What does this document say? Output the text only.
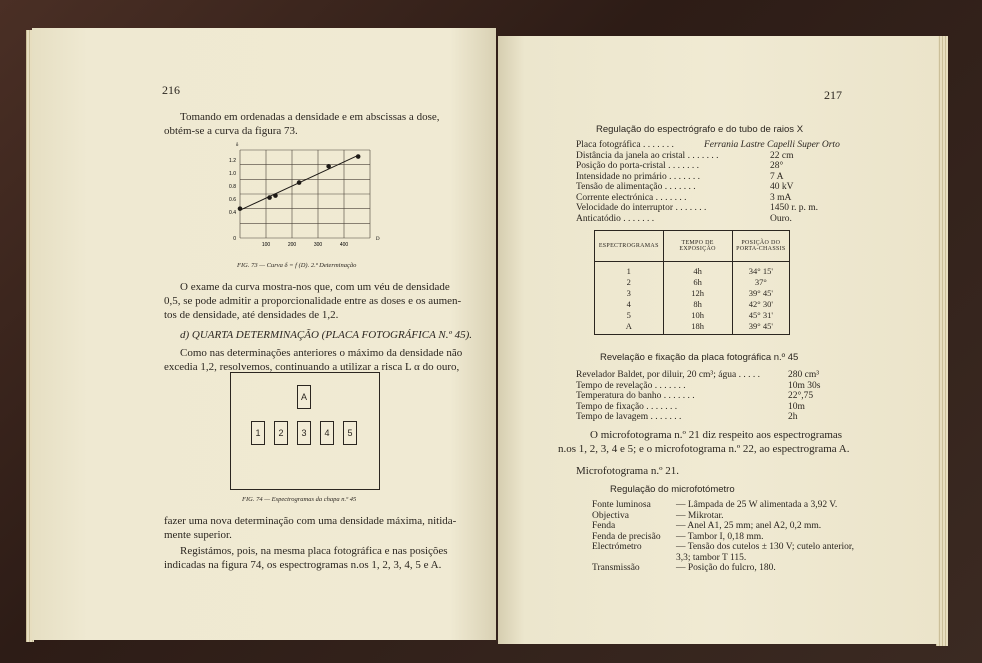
216
Tomando em ordenadas a densidade e em abscissas a dose,
obtém-se a curva da figura 73.
0
0.4
0.6
0.8
1.0
1.2
100	200	300	400
D
δ
FIG. 73 — Curva δ = f (D). 2.ª Determinação
O exame da curva mostra-nos que, com um véu de densidade
0,5, se pode admitir a proporcionalidade entre as doses e os aumen-
tos de densidade, até densidades de 1,2.
d) QUARTA DETERMINAÇÃO (PLACA FOTOGRÁFICA N.º 45).
Como nas determinações anteriores o máximo da densidade não
excedia 1,2, resolvemos, continuando a utilizar a risca L α do ouro,
A
1	2	3	4	5
FIG. 74 — Espectrogramas da chapa n.º 45
fazer uma nova determinação com uma densidade máxima, nitida-
mente superior.
Registámos, pois, na mesma placa fotográfica e nas posições
indicadas na figura 74, os espectrogramas n.os 1, 2, 3, 4, 5 e A.
217
Regulação do espectrógrafo e do tubo de raios X
Placa fotográfica . . . . . . .	Ferrania Lastre Capelli Super Orto
Distância da janela ao cristal . . . . . . .	22 cm
Posição do porta-cristal . . . . . . .	28°
Intensidade no primário . . . . . . .	7 A
Tensão de alimentação . . . . . . .	40 kV
Corrente electrónica . . . . . . .	3 mA
Velocidade do interruptor . . . . . . .	1450 r. p. m.
Anticatódio . . . . . . .	Ouro.
ESPECTROGRAMAS	TEMPO DE EXPOSIÇÃO	POSIÇÃO DO PORTA-CHASSIS
1	4h	34° 15'
2	6h	37°
3	12h	39° 45'
4	8h	42° 30'
5	10h	45° 31'
A	18h	39° 45'
Revelação e fixação da placa fotográfica n.º 45
Revelador Baldet, por diluir, 20 cm³; água . . . . .	280 cm³
Tempo de revelação . . . . . . .	10m 30s
Temperatura do banho . . . . . . .	22°,75
Tempo de fixação . . . . . . .	10m
Tempo de lavagem . . . . . . .	2h
O microfotograma n.º 21 diz respeito aos espectrogramas
n.os 1, 2, 3, 4 e 5; e o microfotograma n.º 22, ao espectrograma A.
Microfotograma n.º 21.
Regulação do microfotómetro
Fonte luminosa	— Lâmpada de 25 W alimentada a 3,92 V.
Objectiva	— Mikrotar.
Fenda	— Anel A1, 25 mm; anel A2, 0,2 mm.
Fenda de precisão — Tambor I, 0,18 mm.
Electrómetro	— Tensão dos cutelos ± 130 V; cutelo anterior,
3,3; tambor T 115.
Transmissão	— Posição do fulcro, 180.
